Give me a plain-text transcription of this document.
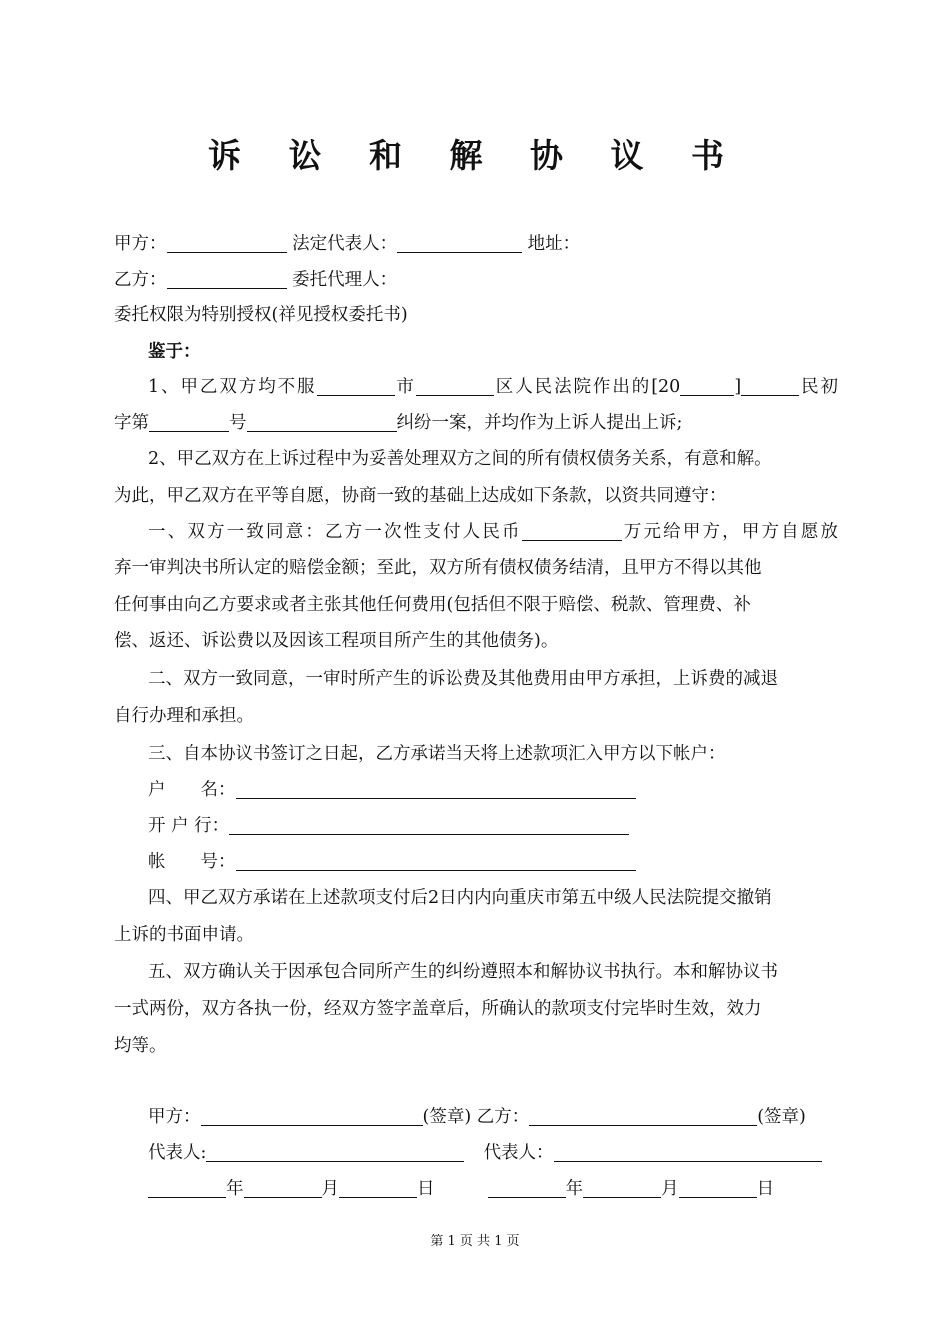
诉 讼 和 解 协 议 书
甲方：	法定代表人：	地址：
乙方：	委托代理人：
委托权限为特别授权(祥见授权委托书)
鉴于：
1、甲乙双方均不服	市	区人民法院作出的[20	]	民初
字第	号	纠纷一案，并均作为上诉人提出上诉;
2、甲乙双方在上诉过程中为妥善处理双方之间的所有债权债务关系，有意和解。
为此，甲乙双方在平等自愿，协商一致的基础上达成如下条款，以资共同遵守：
一、双方一致同意：乙方一次性支付人民币	万元给甲方，甲方自愿放
弃一审判决书所认定的赔偿金额；至此，双方所有债权债务结清，且甲方不得以其他
任何事由向乙方要求或者主张其他任何费用(包括但不限于赔偿、税款、管理费、补
偿、返还、诉讼费以及因该工程项目所产生的其他债务)。
二、双方一致同意，一审时所产生的诉讼费及其他费用由甲方承担，上诉费的减退
自行办理和承担。
三、自本协议书签订之日起，乙方承诺当天将上述款项汇入甲方以下帐户：
户　　名：
开 户 行：
帐　　号：
四、甲乙双方承诺在上述款项支付后2日内内向重庆市第五中级人民法院提交撤销
上诉的书面申请。
五、双方确认关于因承包合同所产生的纠纷遵照本和解协议书执行。本和解协议书
一式两份，双方各执一份，经双方签字盖章后，所确认的款项支付完毕时生效，效力
均等。
甲方：	(签章) 乙方：	(签章)
代表人:	代表人：
年	月	日	年	月	日
第 1 页 共 1 页
